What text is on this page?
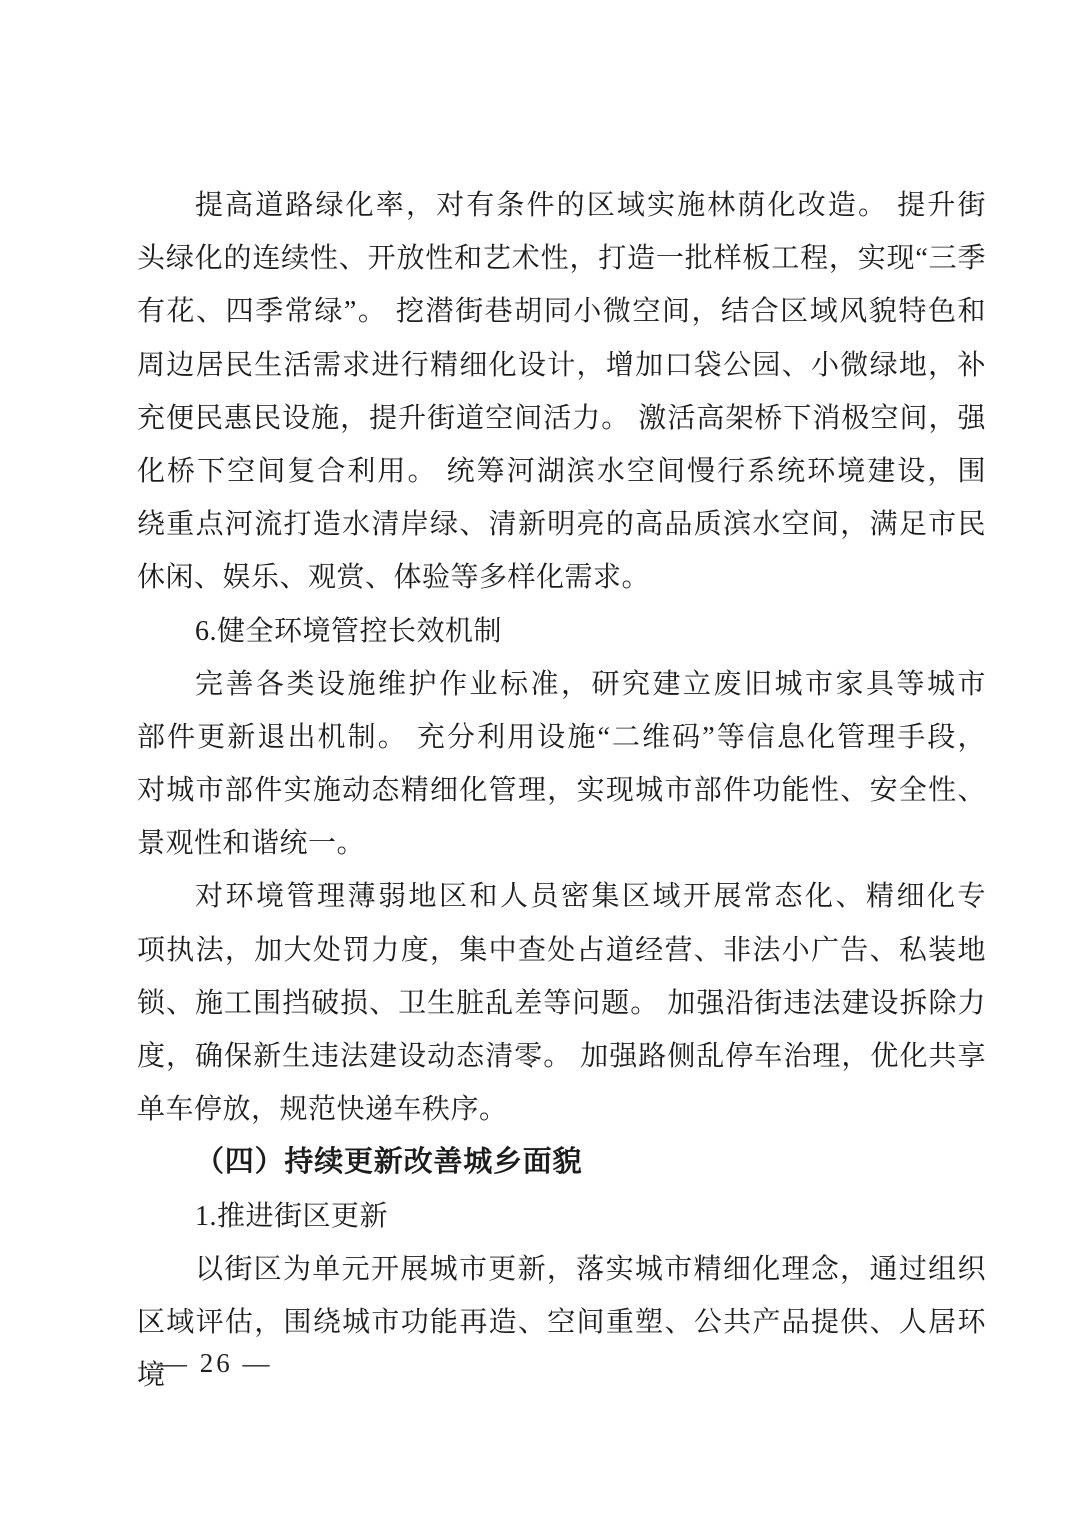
提高道路绿化率，对有条件的区域实施林荫化改造。 提升街
头绿化的连续性、开放性和艺术性，打造一批样板工程，实现“三季
有花、四季常绿”。 挖潜街巷胡同小微空间，结合区域风貌特色和
周边居民生活需求进行精细化设计，增加口袋公园、小微绿地，补
充便民惠民设施，提升街道空间活力。 激活高架桥下消极空间，强
化桥下空间复合利用。 统筹河湖滨水空间慢行系统环境建设，围
绕重点河流打造水清岸绿、清新明亮的高品质滨水空间，满足市民
休闲、娱乐、观赏、体验等多样化需求。
6.健全环境管控长效机制
完善各类设施维护作业标准，研究建立废旧城市家具等城市
部件更新退出机制。 充分利用设施“二维码”等信息化管理手段，
对城市部件实施动态精细化管理，实现城市部件功能性、安全性、
景观性和谐统一。
对环境管理薄弱地区和人员密集区域开展常态化、精细化专
项执法，加大处罚力度，集中查处占道经营、非法小广告、私装地
锁、施工围挡破损、卫生脏乱差等问题。 加强沿街违法建设拆除力
度，确保新生违法建设动态清零。 加强路侧乱停车治理，优化共享
单车停放，规范快递车秩序。
（四）持续更新改善城乡面貌
1.推进街区更新
以街区为单元开展城市更新，落实城市精细化理念，通过组织
区域评估，围绕城市功能再造、空间重塑、公共产品提供、人居环境
— 26 —
